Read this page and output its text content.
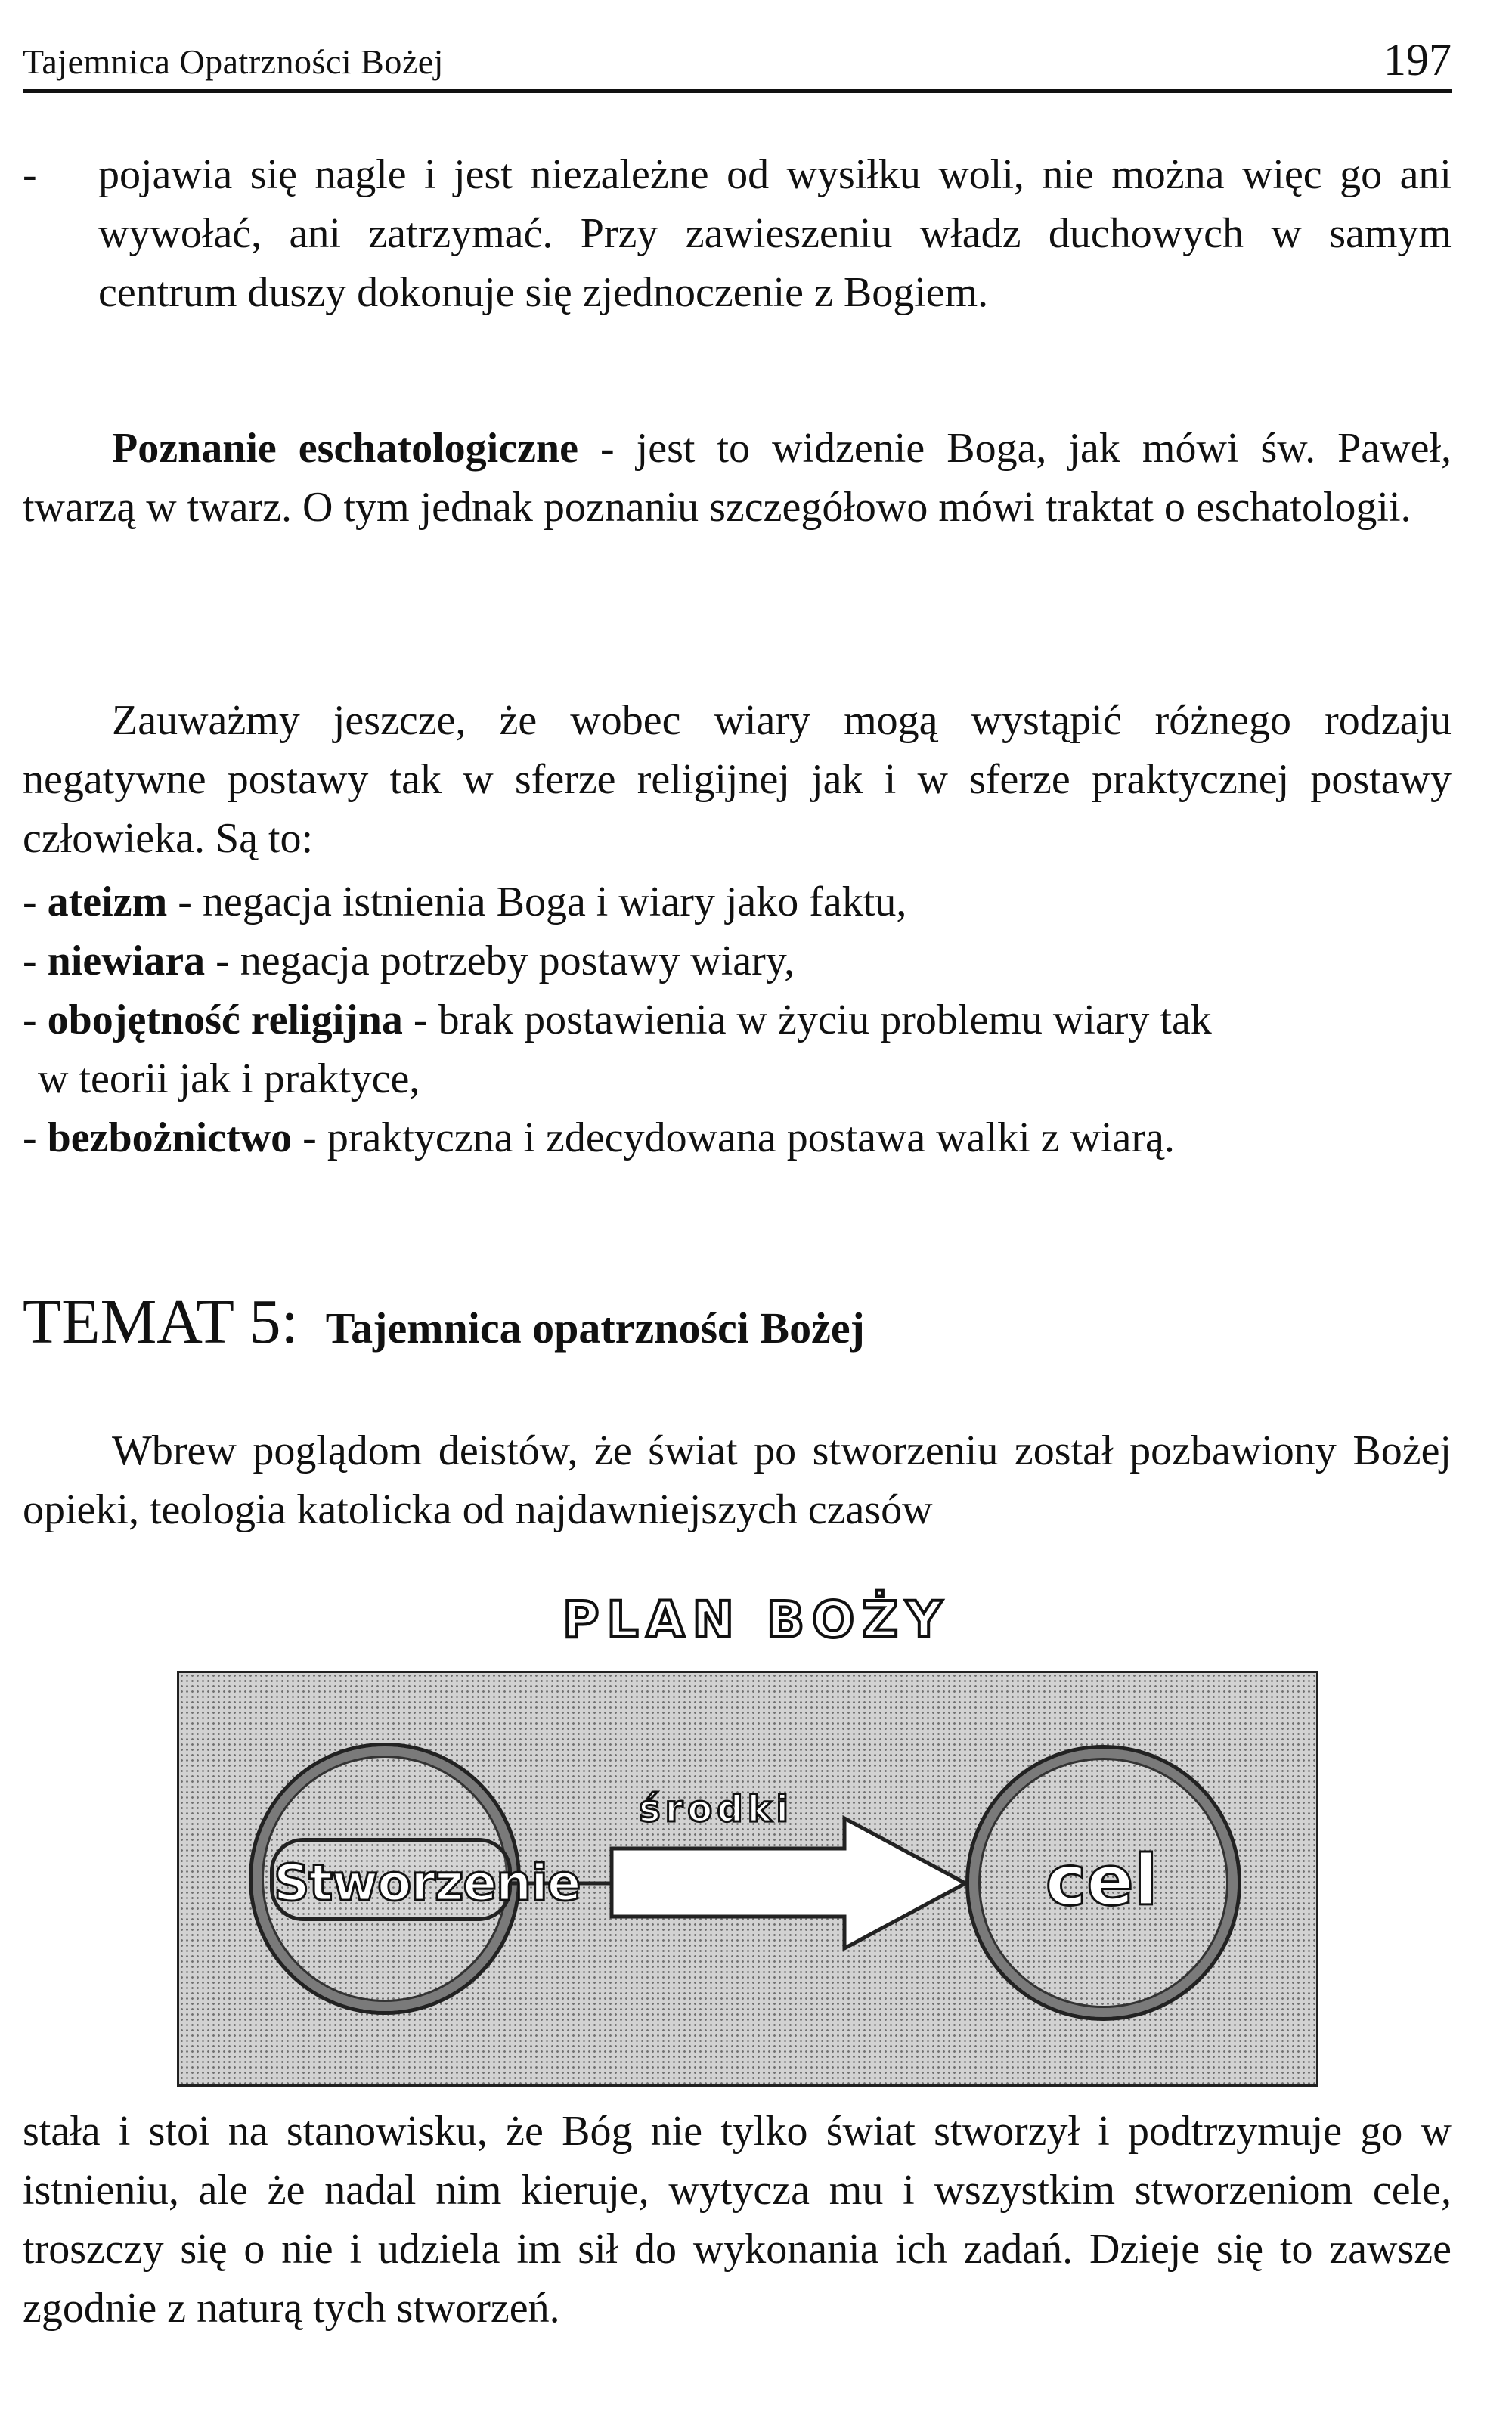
Tajemnica Opatrzności Bożej	197
- pojawia się nagle i jest niezależne od wysiłku woli, nie można więc go ani wywołać, ani zatrzymać. Przy zawieszeniu władz duchowych w samym centrum duszy dokonuje się zjednoczenie z Bogiem.
Poznanie eschatologiczne - jest to widzenie Boga, jak mówi św. Paweł, twarzą w twarz. O tym jednak poznaniu szczegółowo mówi traktat o eschatologii.
Zauważmy jeszcze, że wobec wiary mogą wystąpić różnego rodzaju negatywne postawy tak w sferze religijnej jak i w sferze praktycznej postawy człowieka. Są to:
- ateizm - negacja istnienia Boga i wiary jako faktu,
- niewiara - negacja potrzeby postawy wiary,
- obojętność religijna - brak postawienia w życiu problemu wiary tak
w teorii jak i praktyce,
- bezbożnictwo - praktyczna i zdecydowana postawa walki z wiarą.
TEMAT 5: Tajemnica opatrzności Bożej
Wbrew poglądom deistów, że świat po stworzeniu został pozbawiony Bożej opieki, teologia katolicka od najdawniejszych czasów
PLAN BOŻY
Stworzenie
środki
cel
stała i stoi na stanowisku, że Bóg nie tylko świat stworzył i podtrzymuje go w istnieniu, ale że nadal nim kieruje, wytycza mu i wszystkim stworzeniom cele, troszczy się o nie i udziela im sił do wykonania ich zadań. Dzieje się to zawsze zgodnie z naturą tych stworzeń.
